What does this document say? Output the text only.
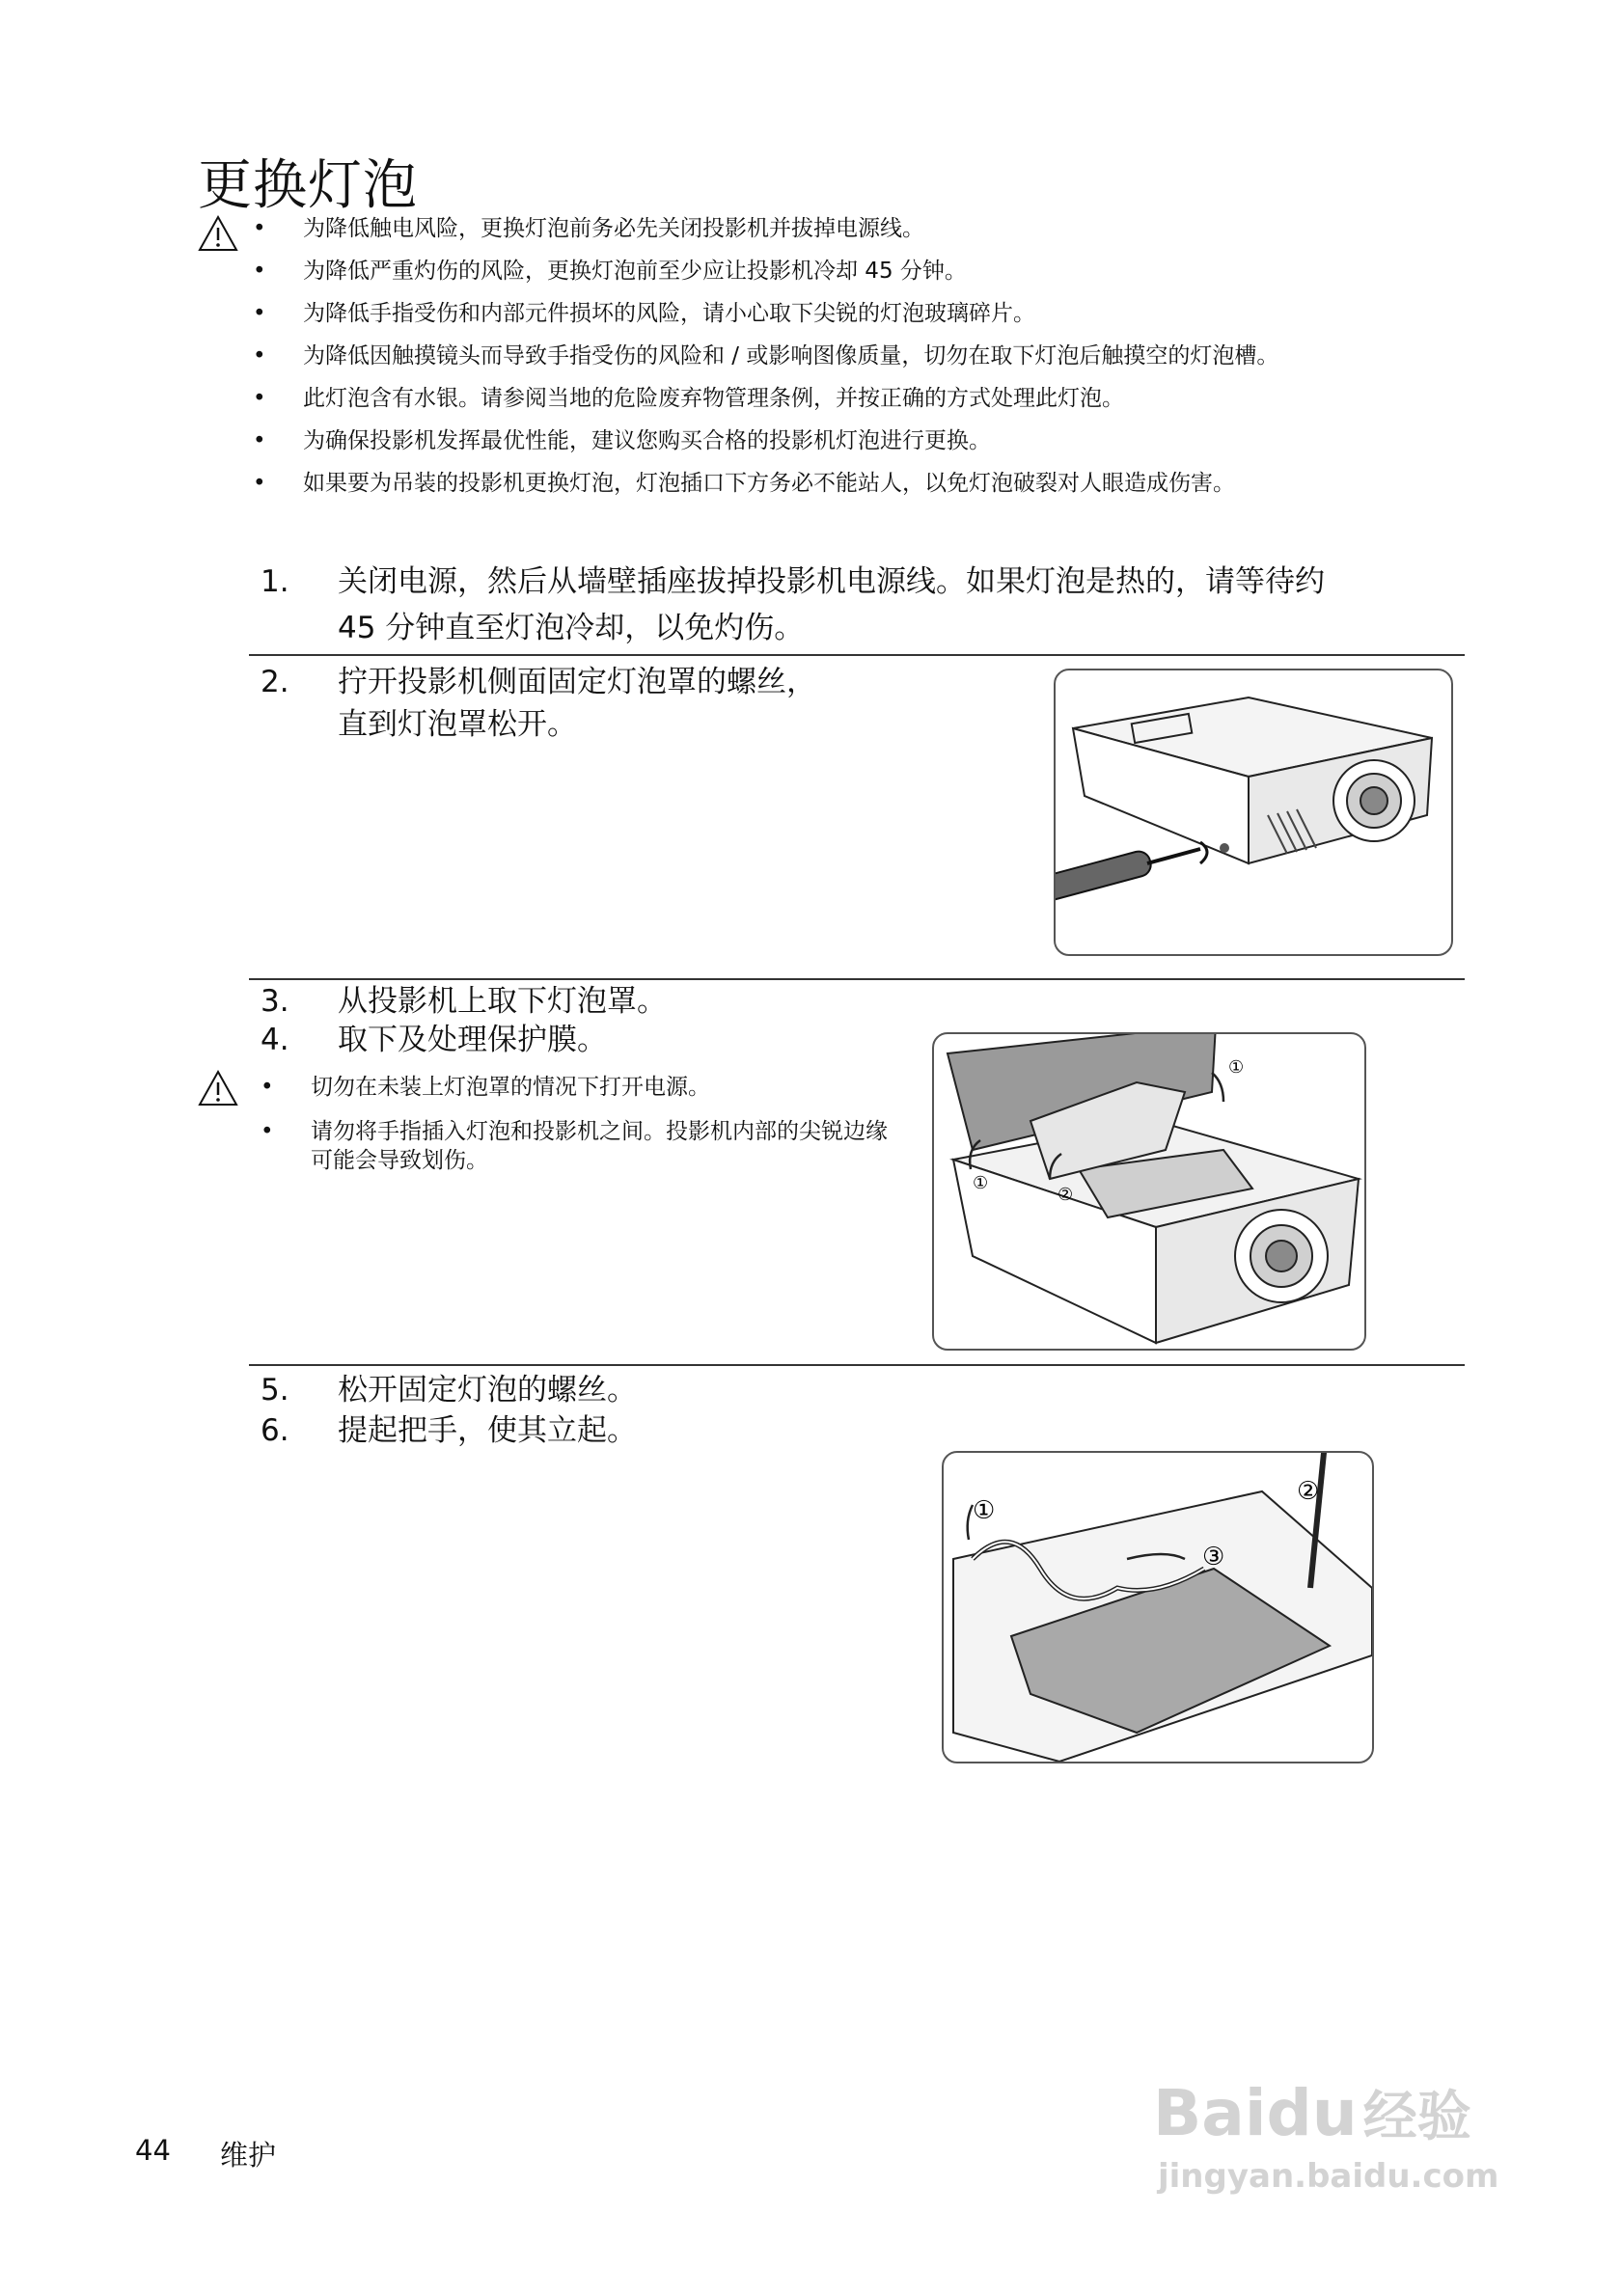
更换灯泡
• 为降低触电风险，更换灯泡前务必先关闭投影机并拔掉电源线。
• 为降低严重灼伤的风险，更换灯泡前至少应让投影机冷却 45 分钟。
• 为降低手指受伤和内部元件损坏的风险，请小心取下尖锐的灯泡玻璃碎片。
• 为降低因触摸镜头而导致手指受伤的风险和 / 或影响图像质量，切勿在取下灯泡后触摸空的灯泡槽。
• 此灯泡含有水银。请参阅当地的危险废弃物管理条例，并按正确的方式处理此灯泡。
• 为确保投影机发挥最优性能，建议您购买合格的投影机灯泡进行更换。
• 如果要为吊装的投影机更换灯泡，灯泡插口下方务必不能站人，以免灯泡破裂对人眼造成伤害。
1.	关闭电源，然后从墙壁插座拔掉投影机电源线。如果灯泡是热的，请等待约
45 分钟直至灯泡冷却，以免灼伤。
2.	拧开投影机侧面固定灯泡罩的螺丝，
直到灯泡罩松开。
3.	从投影机上取下灯泡罩。
4.	取下及处理保护膜。
• 切勿在未装上灯泡罩的情况下打开电源。
• 请勿将手指插入灯泡和投影机之间。投影机内部的尖锐边缘可能会导致划伤。
①
①
②
5.	松开固定灯泡的螺丝。
6.	提起把手，使其立起。
①
②
③
44 维护
Baidu 经验
jingyan.baidu.com
